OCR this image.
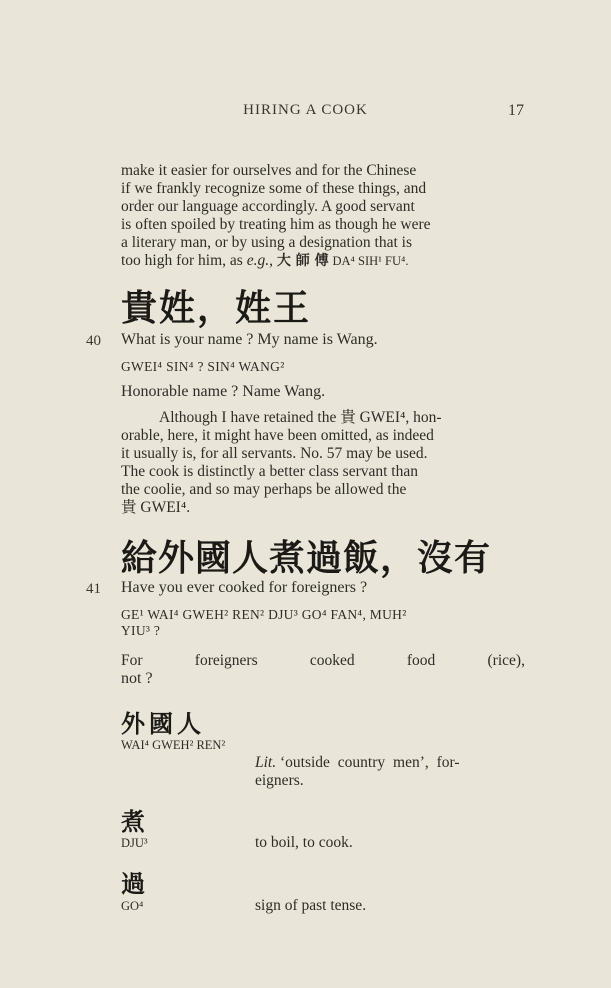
HIRING A COOK	17
make it easier for ourselves and for the Chinese
if we frankly recognize some of these things, and
order our language accordingly. A good servant
is often spoiled by treating him as though he were
a literary man, or by using a designation that is
too high for him, as e.g., 大 師 傅 DA⁴ SIH¹ FU⁴.
貴姓，姓王
40 What is your name ? My name is Wang.
GWEI⁴ SIN⁴ ? SIN⁴ WANG²
Honorable name ? Name Wang.
Although I have retained the 貴 GWEI⁴, hon-
orable, here, it might have been omitted, as indeed
it usually is, for all servants. No. 57 may be used.
The cook is distinctly a better class servant than
the coolie, and so may perhaps be allowed the
貴 GWEI⁴.
給外國人煮過飯，沒有
41 Have you ever cooked for foreigners ?
GE¹ WAI⁴ GWEH² REN² DJU³ GO⁴ FAN⁴, MUH²
YIU³ ?
For	foreigners	cooked	food	(rice),
not ?
外國人
WAI⁴ GWEH² REN²
Lit. ‘outside country men’, for-
eigners.
煮
DJU³	to boil, to cook.
過
GO⁴	sign of past tense.
